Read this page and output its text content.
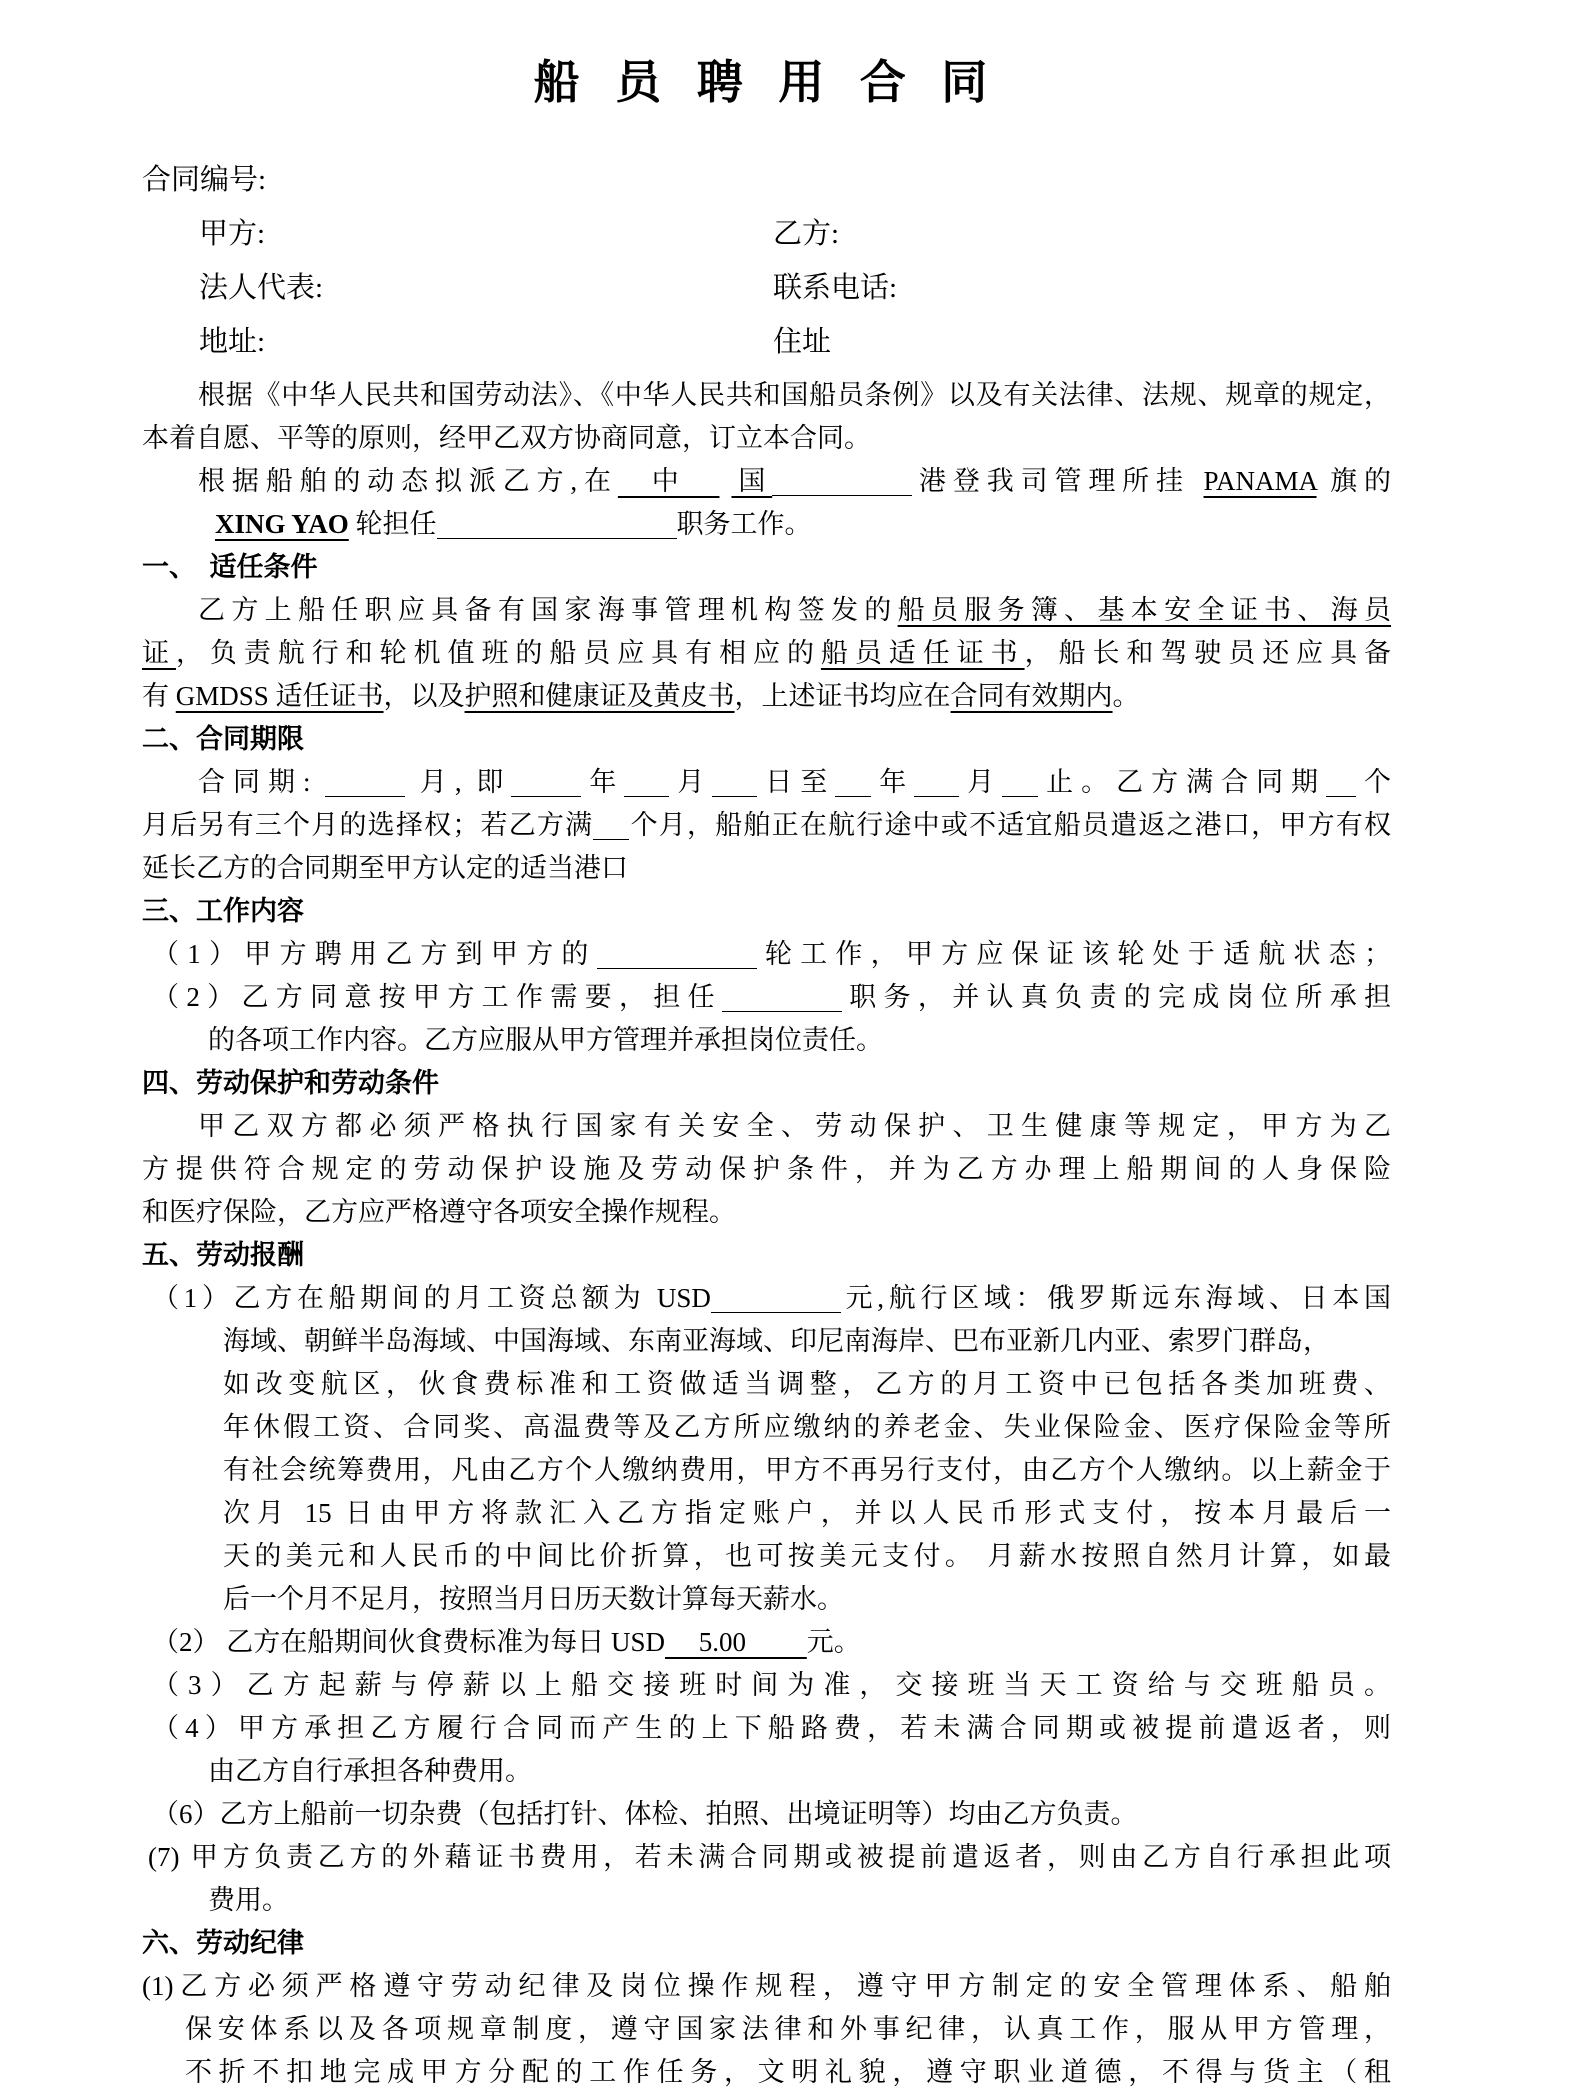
船 员 聘 用 合 同
合同编号:
甲方:	乙方:
法人代表:	联系电话:
地址:	住址
根据《中华人民共和国劳动法》、《中华人民共和国船员条例》以及有关法律、法规、规章的规定，
本着自愿、平等的原则，经甲乙双方协商同意，订立本合同。
根据船舶的动态拟派乙方,在　中　国	港登我司管理所挂 PANAMA 旗的
XING YAO 轮担任	职务工作。
一、　适任条件
乙方上船任职应具备有国家海事管理机构签发的船员服务簿、基本安全证书、海员
证，负责航行和轮机值班的船员应具有相应的船员适任证书，船长和驾驶员还应具备
有 GMDSS 适任证书，以及护照和健康证及黄皮书，上述证书均应在合同有效期内。
二、合同期限
合同期:	月, 即	年 月 日至 年 月 止。乙方满合同期 个
月后另有三个月的选择权；若乙方满 个月，船舶正在航行途中或不适宜船员遣返之港口，甲方有权
延长乙方的合同期至甲方认定的适当港口
三、工作内容
（1）甲方聘用乙方到甲方的	轮工作，甲方应保证该轮处于适航状态；
（2）乙方同意按甲方工作需要，担任	职务，并认真负责的完成岗位所承担
的各项工作内容。乙方应服从甲方管理并承担岗位责任。
四、劳动保护和劳动条件
甲乙双方都必须严格执行国家有关安全、劳动保护、卫生健康等规定，甲方为乙
方提供符合规定的劳动保护设施及劳动保护条件，并为乙方办理上船期间的人身保险
和医疗保险，乙方应严格遵守各项安全操作规程。
五、劳动报酬
（1）乙方在船期间的月工资总额为 USD	元,航行区域：俄罗斯远东海域、日本国
海域、朝鲜半岛海域、中国海域、东南亚海域、印尼南海岸、巴布亚新几内亚、索罗门群岛，
如改变航区，伙食费标准和工资做适当调整，乙方的月工资中已包括各类加班费、
年休假工资、合同奖、高温费等及乙方所应缴纳的养老金、失业保险金、医疗保险金等所
有社会统筹费用，凡由乙方个人缴纳费用，甲方不再另行支付，由乙方个人缴纳。以上薪金于
次月 15 日由甲方将款汇入乙方指定账户，并以人民币形式支付，按本月最后一
天的美元和人民币的中间比价折算，也可按美元支付。 月薪水按照自然月计算，如最
后一个月不足月，按照当月日历天数计算每天薪水。
（2） 乙方在船期间伙食费标准为每日 USD　 5.00 　　元。
（3）乙方起薪与停薪以上船交接班时间为准，交接班当天工资给与交班船员。
（4）甲方承担乙方履行合同而产生的上下船路费，若未满合同期或被提前遣返者，则
由乙方自行承担各种费用。
（6）乙方上船前一切杂费（包括打针、体检、拍照、出境证明等）均由乙方负责。
(7) 甲方负责乙方的外藉证书费用，若未满合同期或被提前遣返者，则由乙方自行承担此项
费用。
六、劳动纪律
(1)乙方必须严格遵守劳动纪律及岗位操作规程，遵守甲方制定的安全管理体系、船舶
保安体系以及各项规章制度，遵守国家法律和外事纪律，认真工作，服从甲方管理，
不折不扣地完成甲方分配的工作任务，文明礼貌，遵守职业道德，不得与货主（租
